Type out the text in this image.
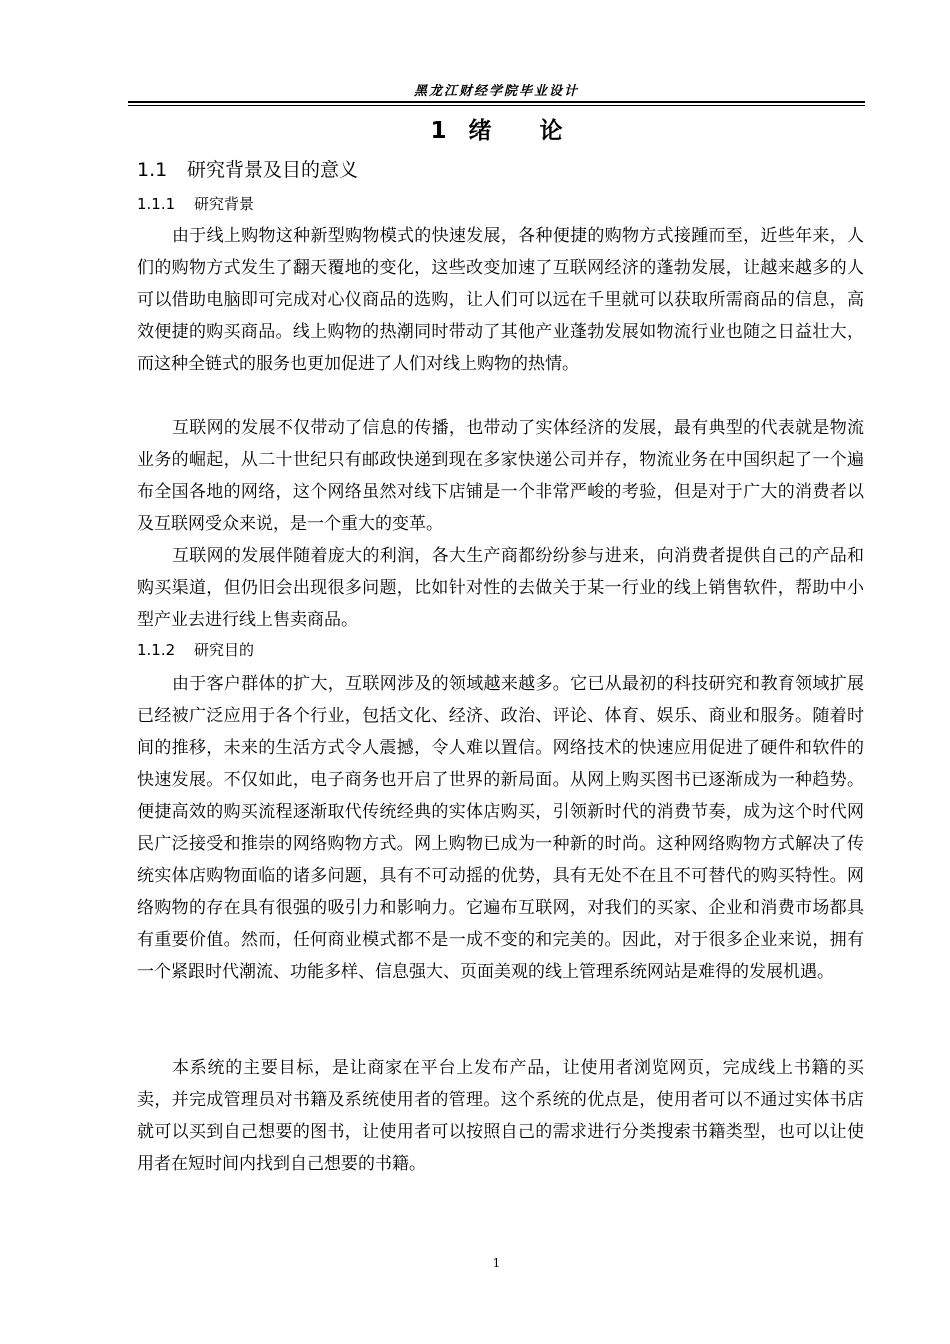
黑龙江财经学院毕业设计
1 绪 论
1.1 研究背景及目的意义
1.1.1 研究背景

由于线上购物这种新型购物模式的快速发展，各种便捷的购物方式接踵而至，近些年来，人们的购物方式发生了翻天覆地的变化，这些改变加速了互联网经济的蓬勃发展，让越来越多的人可以借助电脑即可完成对心仪商品的选购，让人们可以远在千里就可以获取所需商品的信息，高效便捷的购买商品。线上购物的热潮同时带动了其他产业蓬勃发展如物流行业也随之日益壮大，而这种全链式的服务也更加促进了人们对线上购物的热情。

互联网的发展不仅带动了信息的传播，也带动了实体经济的发展，最有典型的代表就是物流业务的崛起，从二十世纪只有邮政快递到现在多家快递公司并存，物流业务在中国织起了一个遍布全国各地的网络，这个网络虽然对线下店铺是一个非常严峻的考验，但是对于广大的消费者以及互联网受众来说，是一个重大的变革。

互联网的发展伴随着庞大的利润，各大生产商都纷纷参与进来，向消费者提供自己的产品和购买渠道，但仍旧会出现很多问题，比如针对性的去做关于某一行业的线上销售软件，帮助中小型产业去进行线上售卖商品。

1.1.2 研究目的

由于客户群体的扩大，互联网涉及的领域越来越多。它已从最初的科技研究和教育领域扩展已经被广泛应用于各个行业，包括文化、经济、政治、评论、体育、娱乐、商业和服务。随着时间的推移，未来的生活方式令人震撼，令人难以置信。网络技术的快速应用促进了硬件和软件的快速发展。不仅如此，电子商务也开启了世界的新局面。从网上购买图书已逐渐成为一种趋势。便捷高效的购买流程逐渐取代传统经典的实体店购买，引领新时代的消费节奏，成为这个时代网民广泛接受和推崇的网络购物方式。网上购物已成为一种新的时尚。这种网络购物方式解决了传统实体店购物面临的诸多问题，具有不可动摇的优势，具有无处不在且不可替代的购买特性。网络购物的存在具有很强的吸引力和影响力。它遍布互联网，对我们的买家、企业和消费市场都具有重要价值。然而，任何商业模式都不是一成不变的和完美的。因此，对于很多企业来说，拥有一个紧跟时代潮流、功能多样、信息强大、页面美观的线上管理系统网站是难得的发展机遇。

本系统的主要目标，是让商家在平台上发布产品，让使用者浏览网页，完成线上书籍的买卖，并完成管理员对书籍及系统使用者的管理。这个系统的优点是，使用者可以不通过实体书店就可以买到自己想要的图书，让使用者可以按照自己的需求进行分类搜索书籍类型，也可以让使用者在短时间内找到自己想要的书籍。

1
